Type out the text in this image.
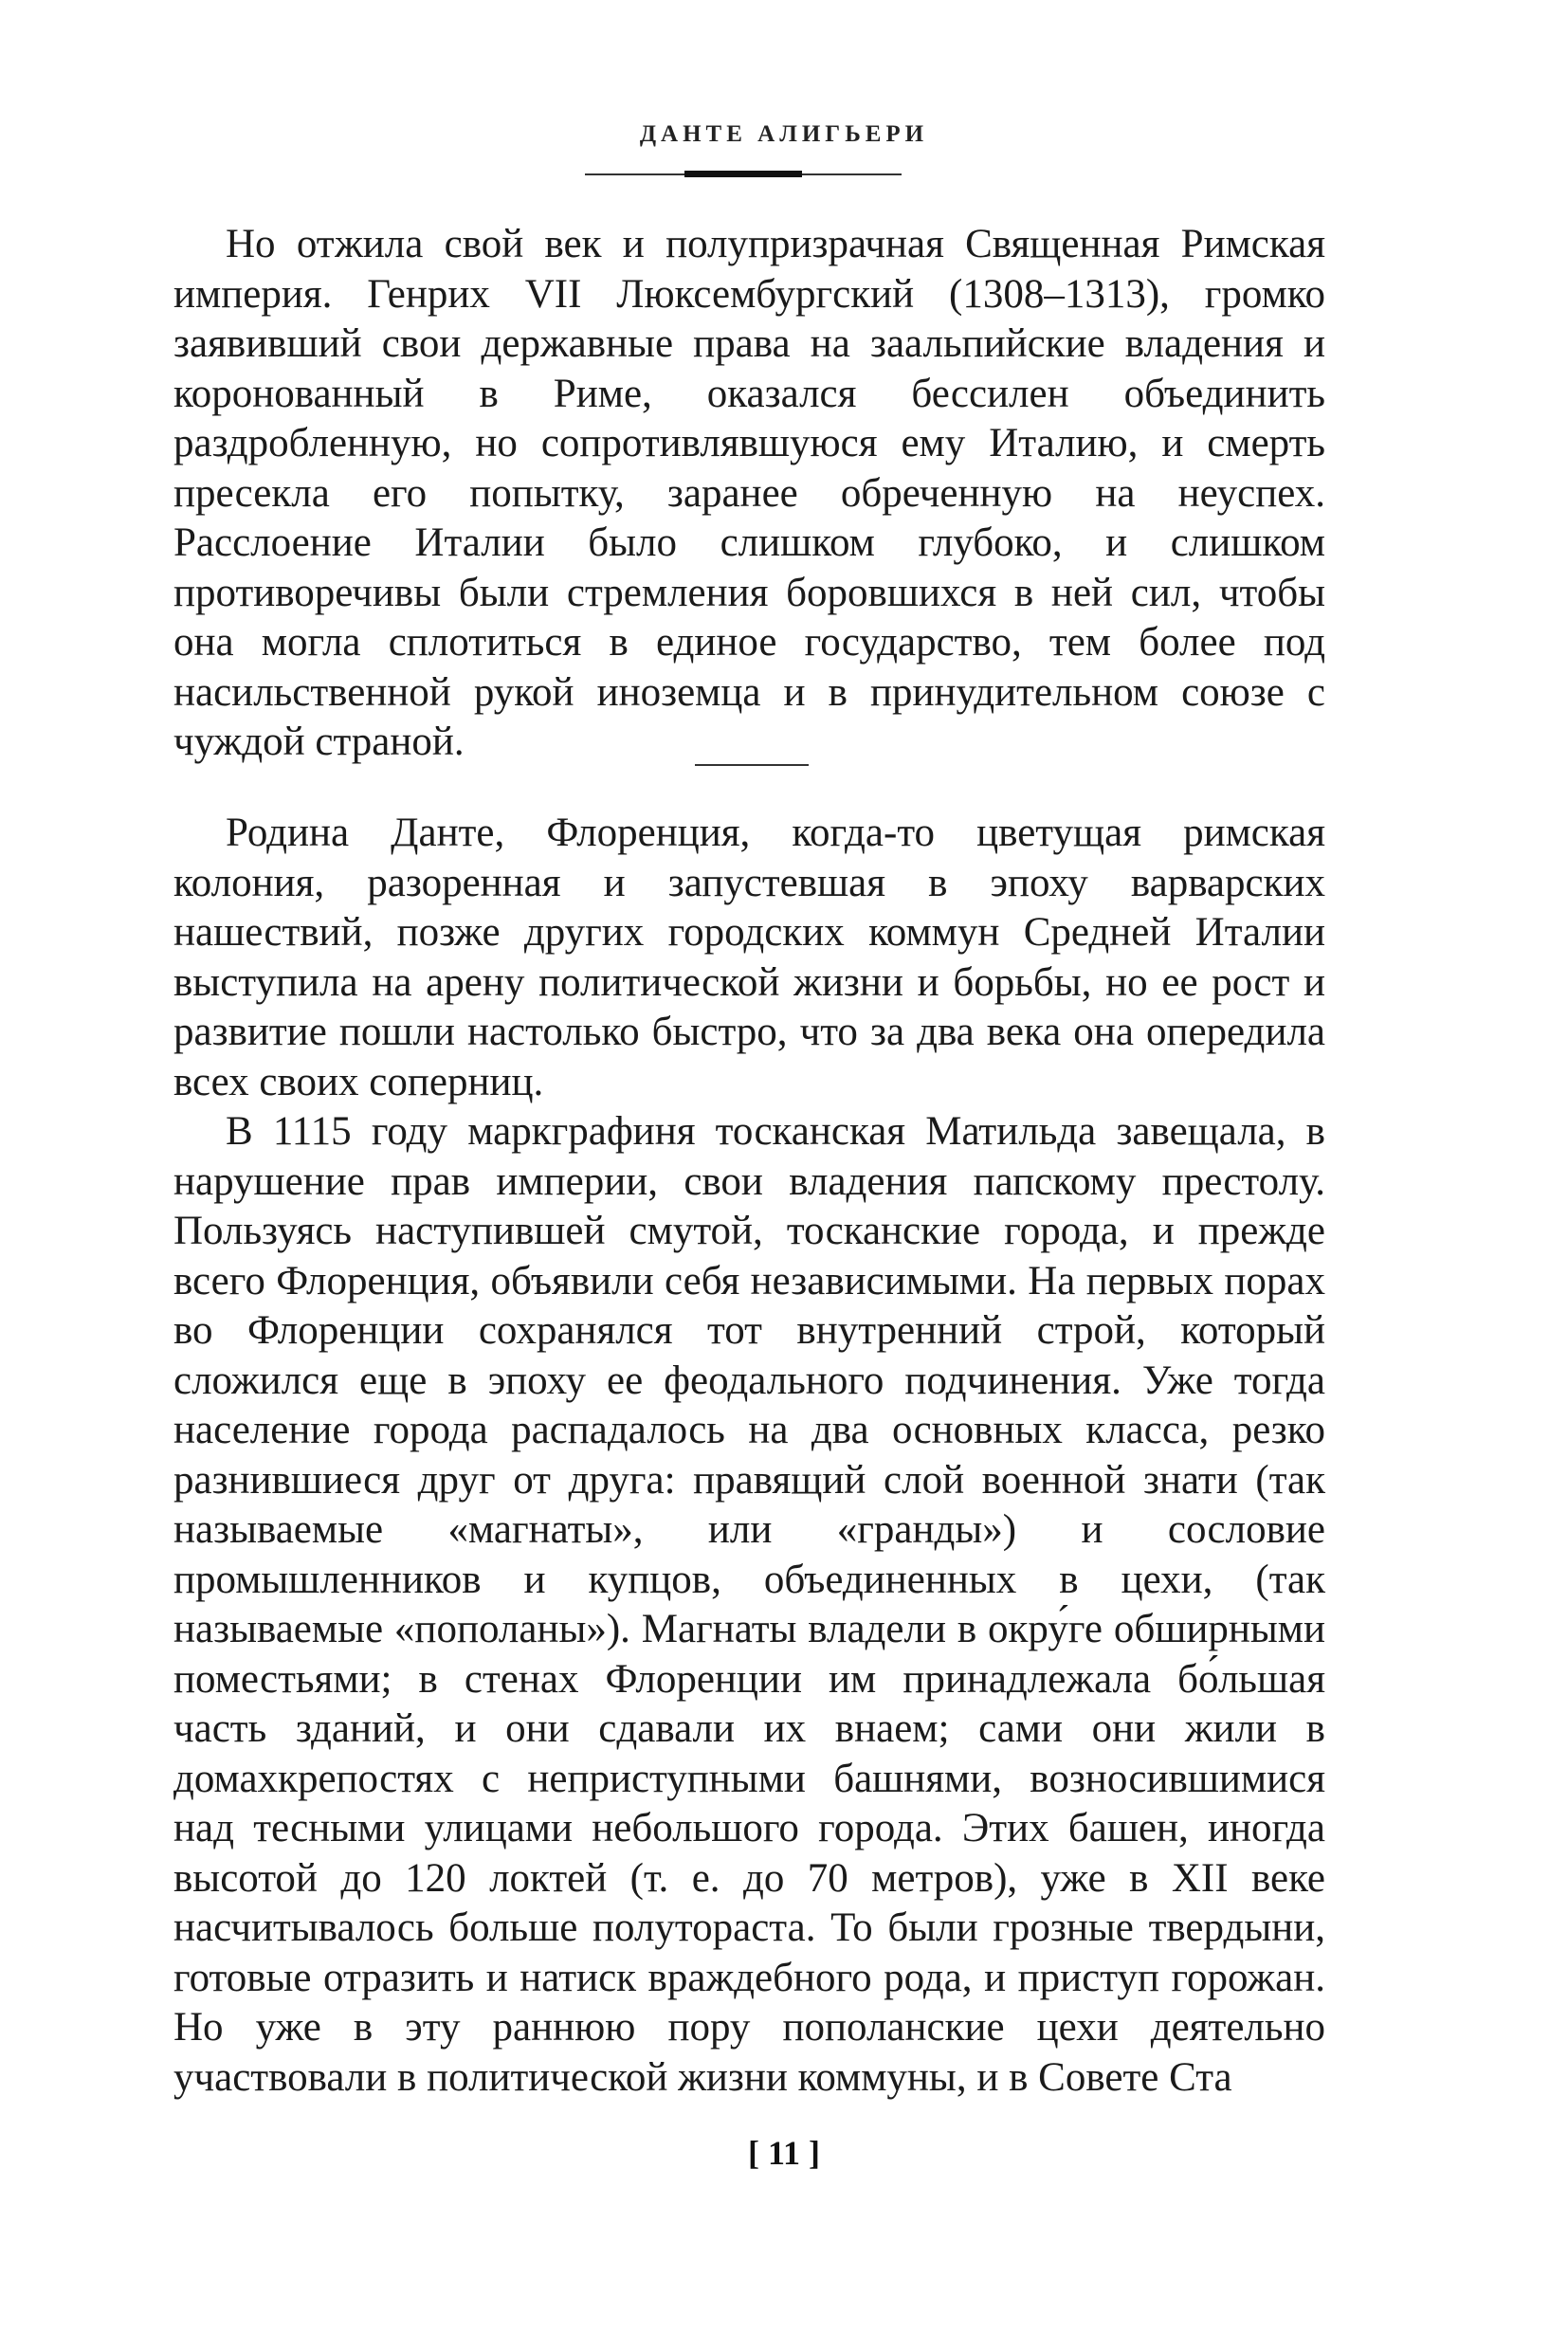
ДАНТЕ АЛИГЬЕРИ

Но отжила свой век и полупризрачная Священная Римская империя. Генрих VII Люксембургский (1308–1313), громко заявивший свои державные права на заальпийские владения и коронованный в Риме, оказался бессилен объединить раздробленную, но сопротивлявшуюся ему Италию, и смерть пресекла его попытку, заранее обреченную на неуспех. Расслоение Италии было слишком глубоко, и слишком противоречивы были стремления боровшихся в ней сил, чтобы она могла сплотиться в единое государство, тем более под насильственной рукой иноземца и в принудительном союзе с чуждой страной.

Родина Данте, Флоренция, когда-то цветущая римская колония, разоренная и запустевшая в эпоху варварских нашествий, позже других городских коммун Средней Италии выступила на арену политической жизни и борьбы, но ее рост и развитие пошли настолько быстро, что за два века она опередила всех своих соперниц.

В 1115 году маркграфиня тосканская Матильда завещала, в нарушение прав империи, свои владения папскому престолу. Пользуясь наступившей смутой, тосканские города, и прежде всего Флоренция, объявили себя независимыми. На первых порах во Флоренции сохранялся тот внутренний строй, который сложился еще в эпоху ее феодального подчинения. Уже тогда население города распадалось на два основных класса, резко разнившиеся друг от друга: правящий слой военной знати (так называемые «магнаты», или «гранды») и сословие промышленников и купцов, объединенных в цехи, (так называемые «пополаны»). Магнаты владели в окру́ге обширными поместьями; в стенах Флоренции им принадлежала бо́льшая часть зданий, и они сдавали их внаем; сами они жили в домахкрепостях с неприступными башнями, возносившимися над тесными улицами небольшого города. Этих башен, иногда высотой до 120 локтей (т. е. до 70 метров), уже в XII веке насчитывалось больше полутораста. То были грозные твердыни, готовые отразить и натиск враждебного рода, и приступ горожан. Но уже в эту раннюю пору пополанские цехи деятельно участвовали в политической жизни коммуны, и в Совете Ста

[ 11 ]
